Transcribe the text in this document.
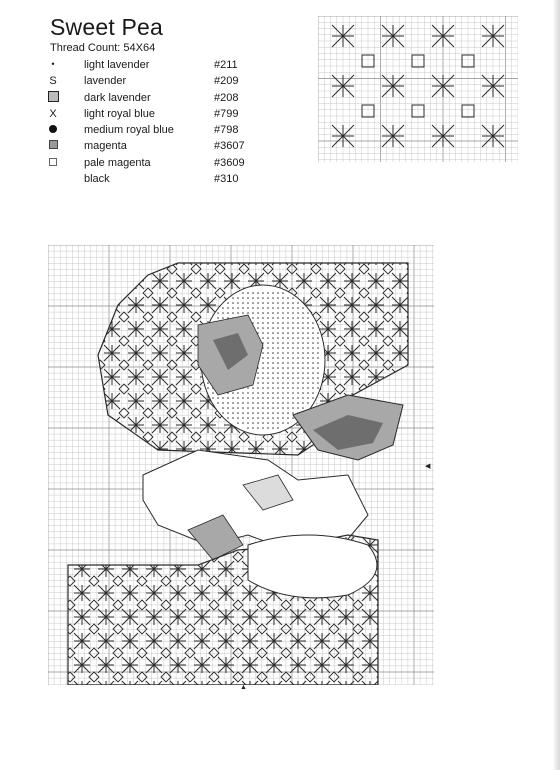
Sweet Pea
Thread Count: 54X64
•	light lavender	#211
S	lavender	#209
dark lavender	#208
X	light royal blue	#799
medium royal blue	#798
magenta	#3607
pale magenta	#3609
black	#310
◀
▲
